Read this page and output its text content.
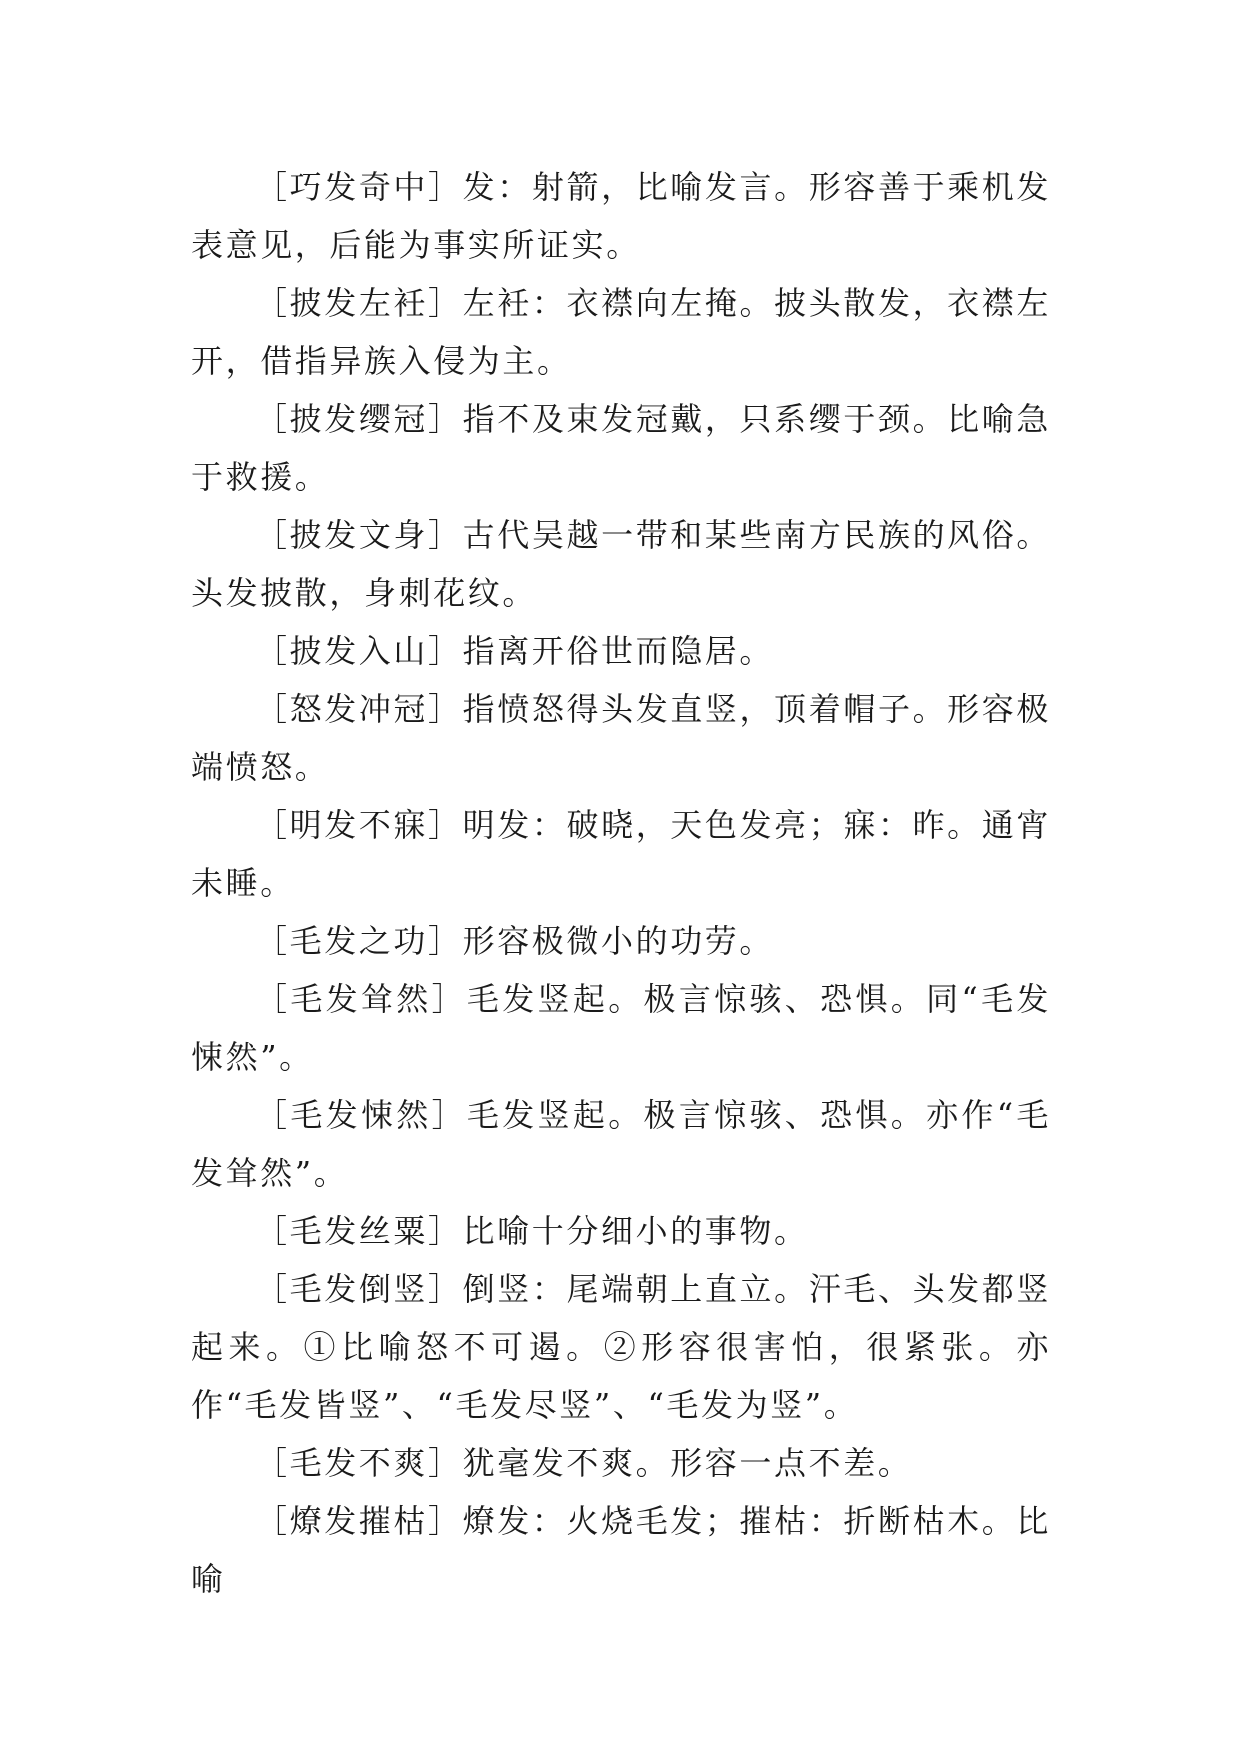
［巧发奇中］发：射箭，比喻发言。形容善于乘机发表意见，后能为事实所证实。

［披发左衽］左衽：衣襟向左掩。披头散发，衣襟左开，借指异族入侵为主。

［披发缨冠］指不及束发冠戴，只系缨于颈。比喻急于救援。

［披发文身］古代吴越一带和某些南方民族的风俗。头发披散，身刺花纹。

［披发入山］指离开俗世而隐居。

［怒发冲冠］指愤怒得头发直竖，顶着帽子。形容极端愤怒。

［明发不寐］明发：破晓，天色发亮；寐：昨。通宵未睡。

［毛发之功］形容极微小的功劳。

［毛发耸然］毛发竖起。极言惊骇、恐惧。同“毛发悚然”。

［毛发悚然］毛发竖起。极言惊骇、恐惧。亦作“毛发耸然”。

［毛发丝粟］比喻十分细小的事物。

［毛发倒竖］倒竖：尾端朝上直立。汗毛、头发都竖起来。①比喻怒不可遏。②形容很害怕，很紧张。亦作“毛发皆竖”、“毛发尽竖”、“毛发为竖”。

［毛发不爽］犹毫发不爽。形容一点不差。

［燎发摧枯］燎发：火烧毛发；摧枯：折断枯木。比喻
